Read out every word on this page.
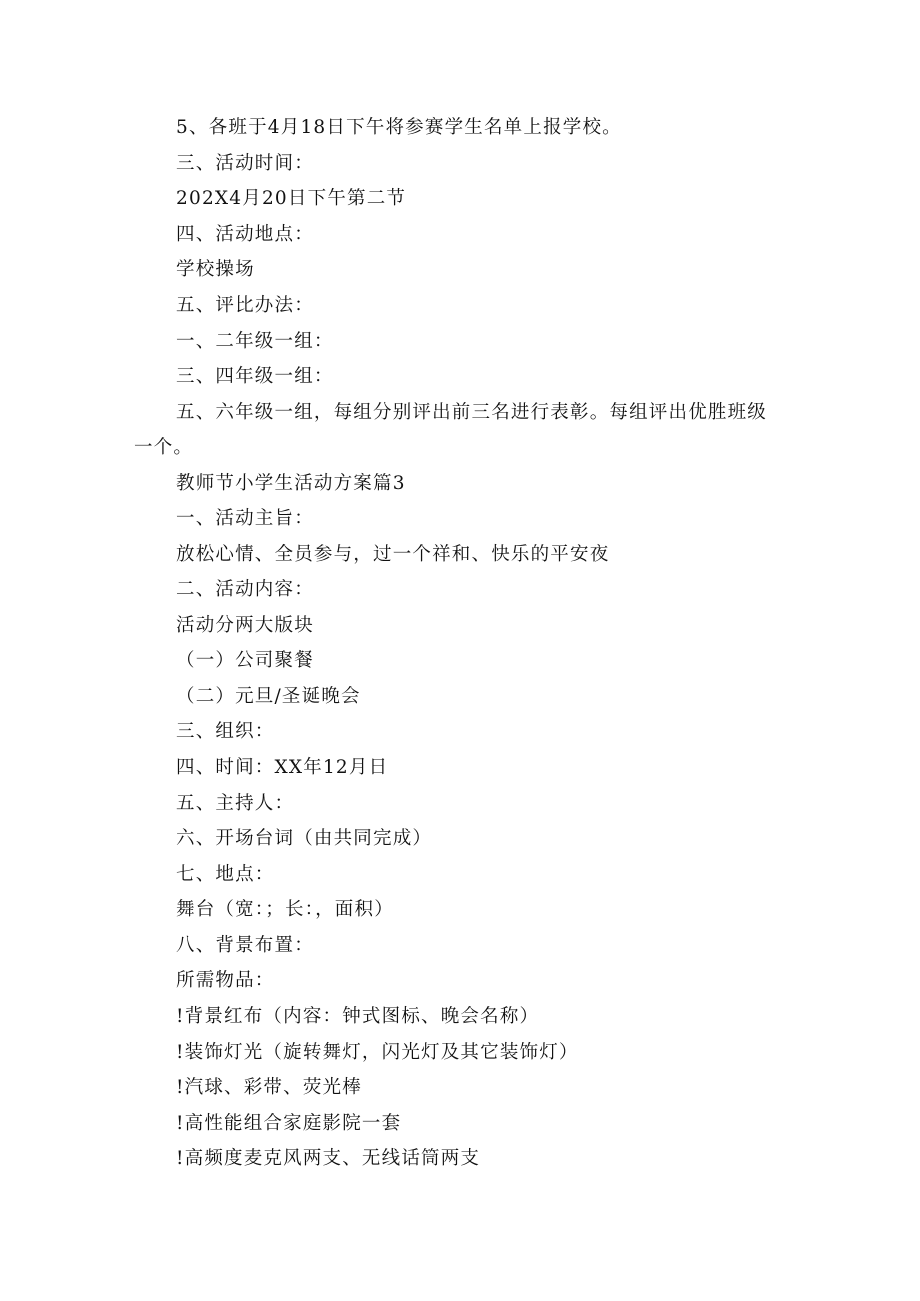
5、各班于4月18日下午将参赛学生名单上报学校。
三、活动时间：
202X4月20日下午第二节
四、活动地点：
学校操场
五、评比办法：
一、二年级一组：
三、四年级一组：
五、六年级一组，每组分别评出前三名进行表彰。每组评出优胜班级
一个。
教师节小学生活动方案篇3
一、活动主旨：
放松心情、全员参与，过一个祥和、快乐的平安夜
二、活动内容：
活动分两大版块
（一）公司聚餐
（二）元旦/圣诞晚会
三、组织：
四、时间：XX年12月日
五、主持人：
六、开场台词（由共同完成）
七、地点：
舞台（宽：；长：，面积）
八、背景布置：
所需物品：
!背景红布（内容：钟式图标、晚会名称）
!装饰灯光（旋转舞灯，闪光灯及其它装饰灯）
!汽球、彩带、荧光棒
!高性能组合家庭影院一套
!高频度麦克风两支、无线话筒两支
